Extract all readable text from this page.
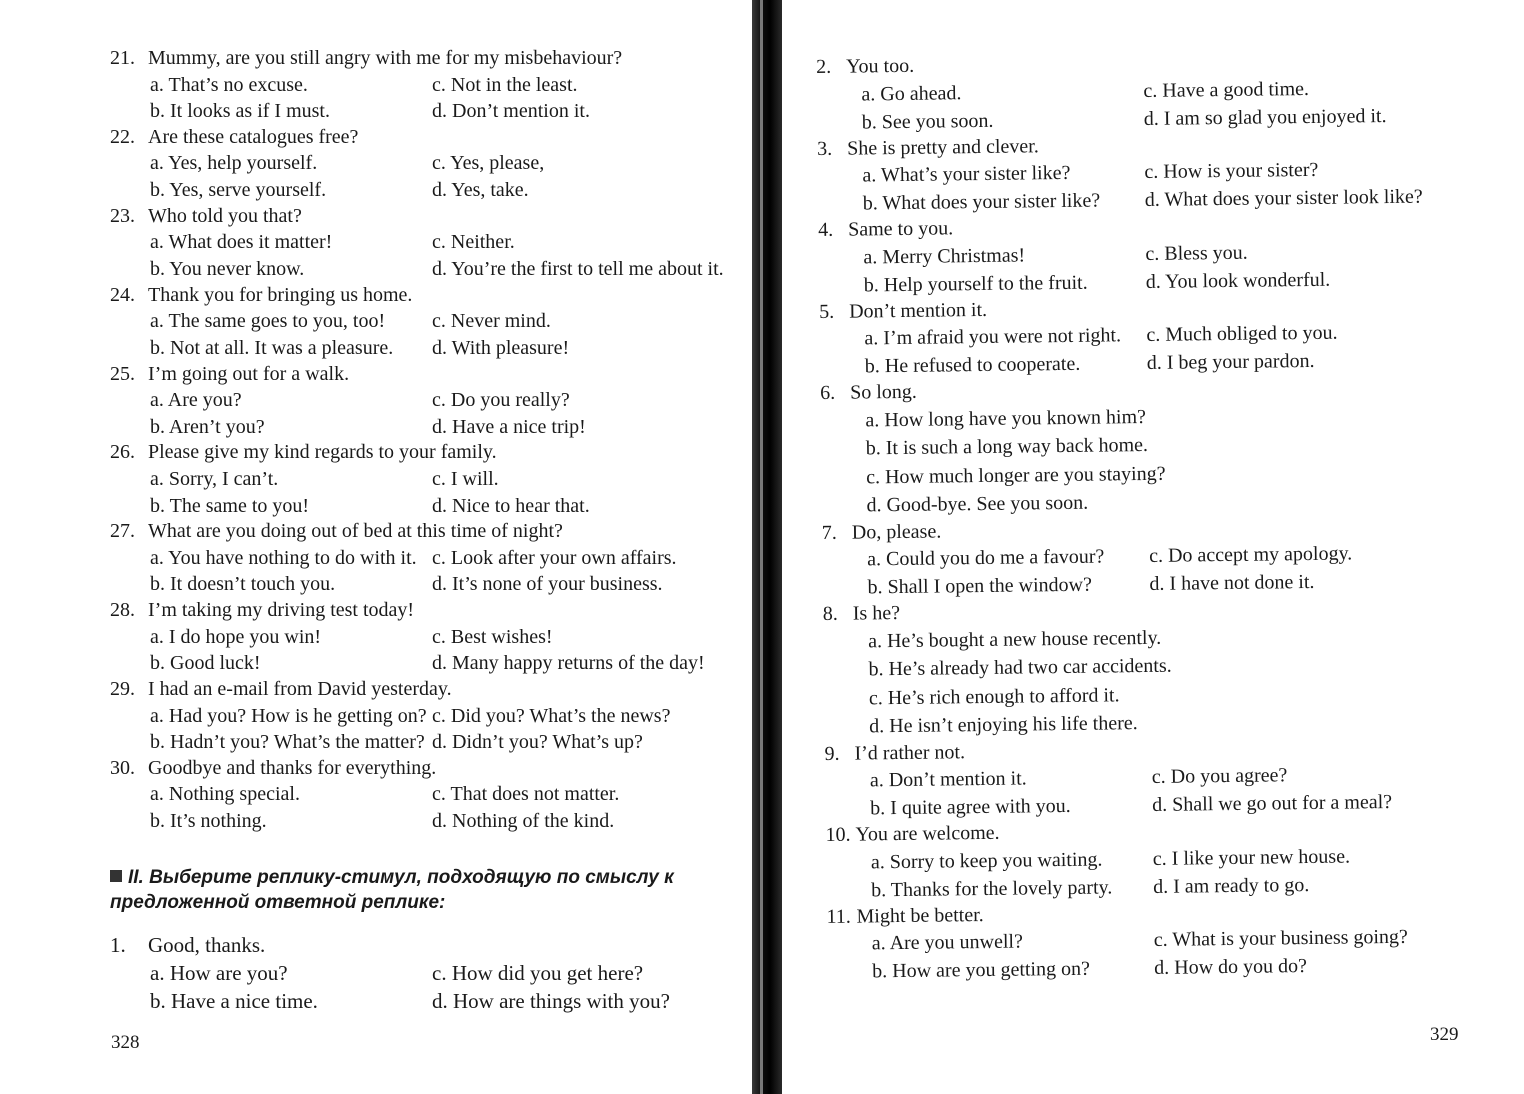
21. Mummy, are you still angry with me for my misbehaviour?
a. That’s no excuse.	c. Not in the least.
b. It looks as if I must.	d. Don’t mention it.
22. Are these catalogues free?
a. Yes, help yourself.	c. Yes, please,
b. Yes, serve yourself.	d. Yes, take.
23. Who told you that?
a. What does it matter!	c. Neither.
b. You never know.	d. You’re the first to tell me about it.
24. Thank you for bringing us home.
a. The same goes to you, too!	c. Never mind.
b. Not at all. It was a pleasure.	d. With pleasure!
25. I’m going out for a walk.
a. Are you?	c. Do you really?
b. Aren’t you?	d. Have a nice trip!
26. Please give my kind regards to your family.
a. Sorry, I can’t.	c. I will.
b. The same to you!	d. Nice to hear that.
27. What are you doing out of bed at this time of night?
a. You have nothing to do with it. c. Look after your own affairs.
b. It doesn’t touch you.	d. It’s none of your business.
28. I’m taking my driving test today!
a. I do hope you win!	c. Best wishes!
b. Good luck!	d. Many happy returns of the day!
29. I had an e-mail from David yesterday.
a. Had you? How is he getting on? c. Did you? What’s the news?
b. Hadn’t you? What’s the matter? d. Didn’t you? What’s up?
30. Goodbye and thanks for everything.
a. Nothing special.	c. That does not matter.
b. It’s nothing.	d. Nothing of the kind.
II. Выберите реплику-стимул, подходящую по смыслу к предложенной ответной реплике:
1.	Good, thanks.
a. How are you?	c. How did you get here?
b. Have a nice time.	d. How are things with you?
328
2. You too.
a. Go ahead.	c. Have a good time.
b. See you soon.	d. I am so glad you enjoyed it.
3. She is pretty and clever.
a. What’s your sister like?	c. How is your sister?
b. What does your sister like?	d. What does your sister look like?
4. Same to you.
a. Merry Christmas!	c. Bless you.
b. Help yourself to the fruit.	d. You look wonderful.
5. Don’t mention it.
a. I’m afraid you were not right.	c. Much obliged to you.
b. He refused to cooperate.	d. I beg your pardon.
6. So long.
a. How long have you known him?
b. It is such a long way back home.
c. How much longer are you staying?
d. Good-bye. See you soon.
7. Do, please.
a. Could you do me a favour?	c. Do accept my apology.
b. Shall I open the window?	d. I have not done it.
8. Is he?
a. He’s bought a new house recently.
b. He’s already had two car accidents.
c. He’s rich enough to afford it.
d. He isn’t enjoying his life there.
9. I’d rather not.
a. Don’t mention it.	c. Do you agree?
b. I quite agree with you.	d. Shall we go out for a meal?
10. You are welcome.
a. Sorry to keep you waiting.	c. I like your new house.
b. Thanks for the lovely party.	d. I am ready to go.
11. Might be better.
a. Are you unwell?	c. What is your business going?
b. How are you getting on?	d. How do you do?
329
